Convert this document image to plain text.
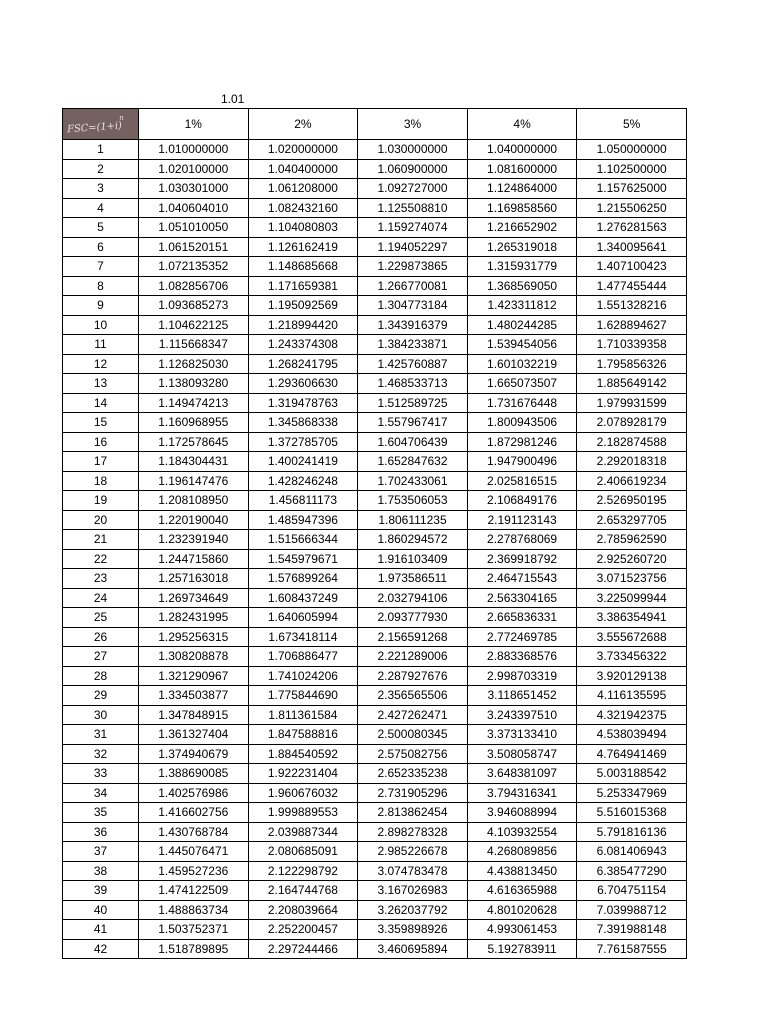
1.01
FSC=(1+i)
n	1%	2%	3%	4%	5%
1	1.010000000	1.020000000	1.030000000	1.040000000	1.050000000
2	1.020100000	1.040400000	1.060900000	1.081600000	1.102500000
3	1.030301000	1.061208000	1.092727000	1.124864000	1.157625000
4	1.040604010	1.082432160	1.125508810	1.169858560	1.215506250
5	1.051010050	1.104080803	1.159274074	1.216652902	1.276281563
6	1.061520151	1.126162419	1.194052297	1.265319018	1.340095641
7	1.072135352	1.148685668	1.229873865	1.315931779	1.407100423
8	1.082856706	1.171659381	1.266770081	1.368569050	1.477455444
9	1.093685273	1.195092569	1.304773184	1.423311812	1.551328216
10	1.104622125	1.218994420	1.343916379	1.480244285	1.628894627
11	1.115668347	1.243374308	1.384233871	1.539454056	1.710339358
12	1.126825030	1.268241795	1.425760887	1.601032219	1.795856326
13	1.138093280	1.293606630	1.468533713	1.665073507	1.885649142
14	1.149474213	1.319478763	1.512589725	1.731676448	1.979931599
15	1.160968955	1.345868338	1.557967417	1.800943506	2.078928179
16	1.172578645	1.372785705	1.604706439	1.872981246	2.182874588
17	1.184304431	1.400241419	1.652847632	1.947900496	2.292018318
18	1.196147476	1.428246248	1.702433061	2.025816515	2.406619234
19	1.208108950	1.456811173	1.753506053	2.106849176	2.526950195
20	1.220190040	1.485947396	1.806111235	2.191123143	2.653297705
21	1.232391940	1.515666344	1.860294572	2.278768069	2.785962590
22	1.244715860	1.545979671	1.916103409	2.369918792	2.925260720
23	1.257163018	1.576899264	1.973586511	2.464715543	3.071523756
24	1.269734649	1.608437249	2.032794106	2.563304165	3.225099944
25	1.282431995	1.640605994	2.093777930	2.665836331	3.386354941
26	1.295256315	1.673418114	2.156591268	2.772469785	3.555672688
27	1.308208878	1.706886477	2.221289006	2.883368576	3.733456322
28	1.321290967	1.741024206	2.287927676	2.998703319	3.920129138
29	1.334503877	1.775844690	2.356565506	3.118651452	4.116135595
30	1.347848915	1.811361584	2.427262471	3.243397510	4.321942375
31	1.361327404	1.847588816	2.500080345	3.373133410	4.538039494
32	1.374940679	1.884540592	2.575082756	3.508058747	4.764941469
33	1.388690085	1.922231404	2.652335238	3.648381097	5.003188542
34	1.402576986	1.960676032	2.731905296	3.794316341	5.253347969
35	1.416602756	1.999889553	2.813862454	3.946088994	5.516015368
36	1.430768784	2.039887344	2.898278328	4.103932554	5.791816136
37	1.445076471	2.080685091	2.985226678	4.268089856	6.081406943
38	1.459527236	2.122298792	3.074783478	4.438813450	6.385477290
39	1.474122509	2.164744768	3.167026983	4.616365988	6.704751154
40	1.488863734	2.208039664	3.262037792	4.801020628	7.039988712
41	1.503752371	2.252200457	3.359898926	4.993061453	7.391988148
42	1.518789895	2.297244466	3.460695894	5.192783911	7.761587555
